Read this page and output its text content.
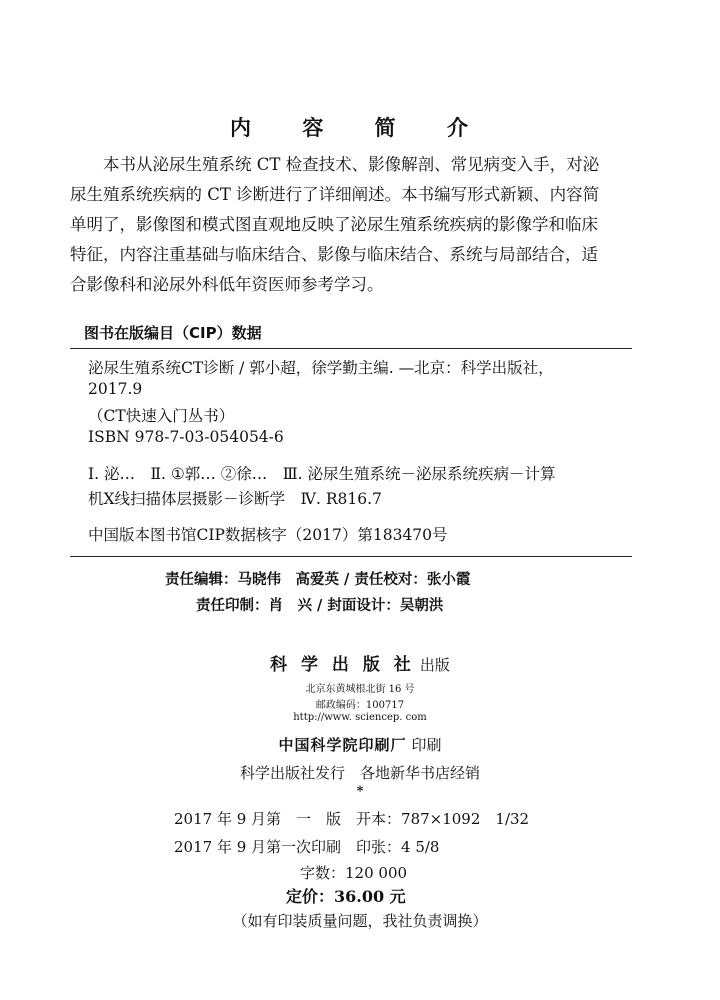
内 容 简 介
　　本书从泌尿生殖系统 CT 检查技术、影像解剖、常见病变入手，对泌
尿生殖系统疾病的 CT 诊断进行了详细阐述。本书编写形式新颖、内容简
单明了，影像图和模式图直观地反映了泌尿生殖系统疾病的影像学和临床
特征，内容注重基础与临床结合、影像与临床结合、系统与局部结合，适
合影像科和泌尿外科低年资医师参考学习。
图书在版编目（CIP）数据
泌尿生殖系统CT诊断 / 郭小超，徐学勤主编. —北京：科学出版社，
2017.9
（CT快速入门丛书）
ISBN 978-7-03-054054-6
Ⅰ. 泌…　Ⅱ. ①郭… ②徐…　Ⅲ. 泌尿生殖系统－泌尿系统疾病－计算
机X线扫描体层摄影－诊断学　Ⅳ. R816.7
中国版本图书馆CIP数据核字（2017）第183470号
责任编辑：马晓伟　高爱英 / 责任校对：张小霞
责任印制：肖　兴 / 封面设计：吴朝洪
科 学 出 版 社 出版
北京东黄城根北街 16 号
邮政编码：100717
http://www. sciencep. com
中国科学院印刷厂 印刷
科学出版社发行　各地新华书店经销
*
2017 年 9 月第　一　版　开本：787×1092　1/32
2017 年 9 月第一次印刷　印张：4 5/8
字数：120 000
定价：36.00 元
（如有印装质量问题，我社负责调换）
